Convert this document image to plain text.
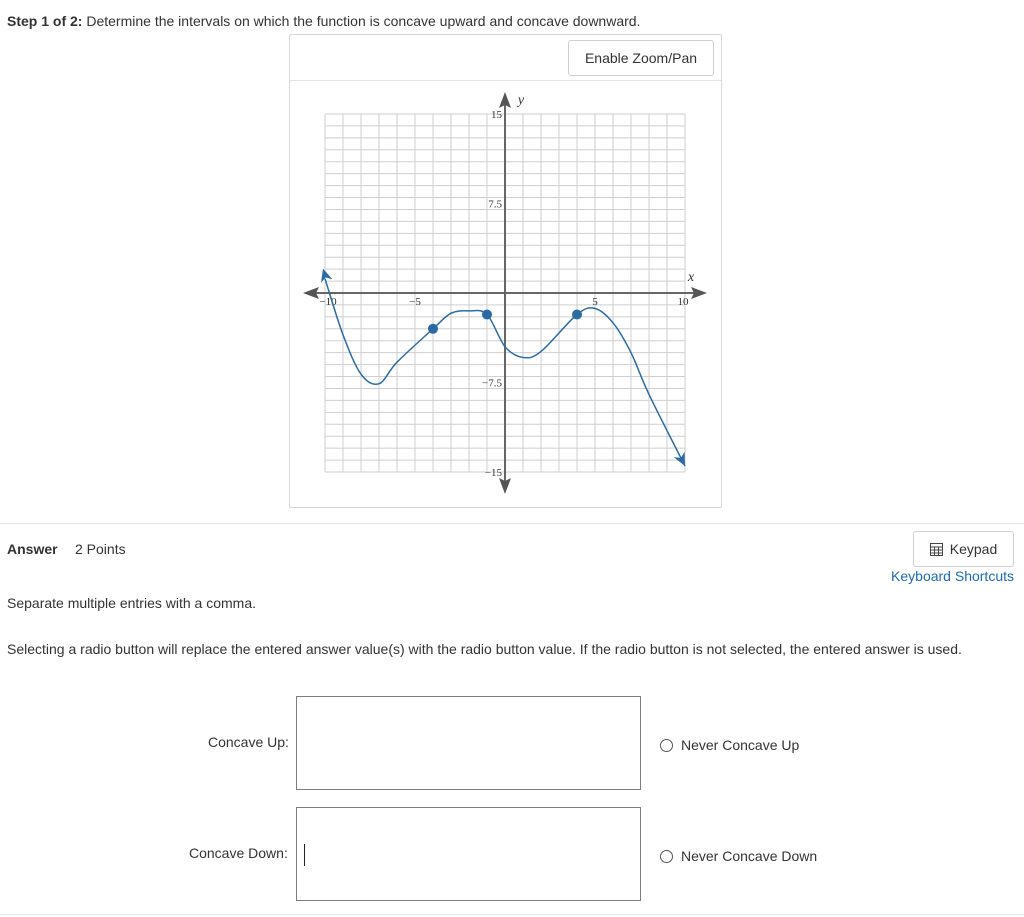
Step 1 of 2: Determine the intervals on which the function is concave upward and concave downward.
Enable Zoom/Pan
x
y
−10	−5	5	10
15
7.5
−7.5
−15
Answer 2 Points	Keypad
Keyboard Shortcuts
Separate multiple entries with a comma.
Selecting a radio button will replace the entered answer value(s) with the radio button value. If the radio button is not selected, the entered answer is used.
Concave Up:	Never Concave Up
Concave Down:	Never Concave Down
